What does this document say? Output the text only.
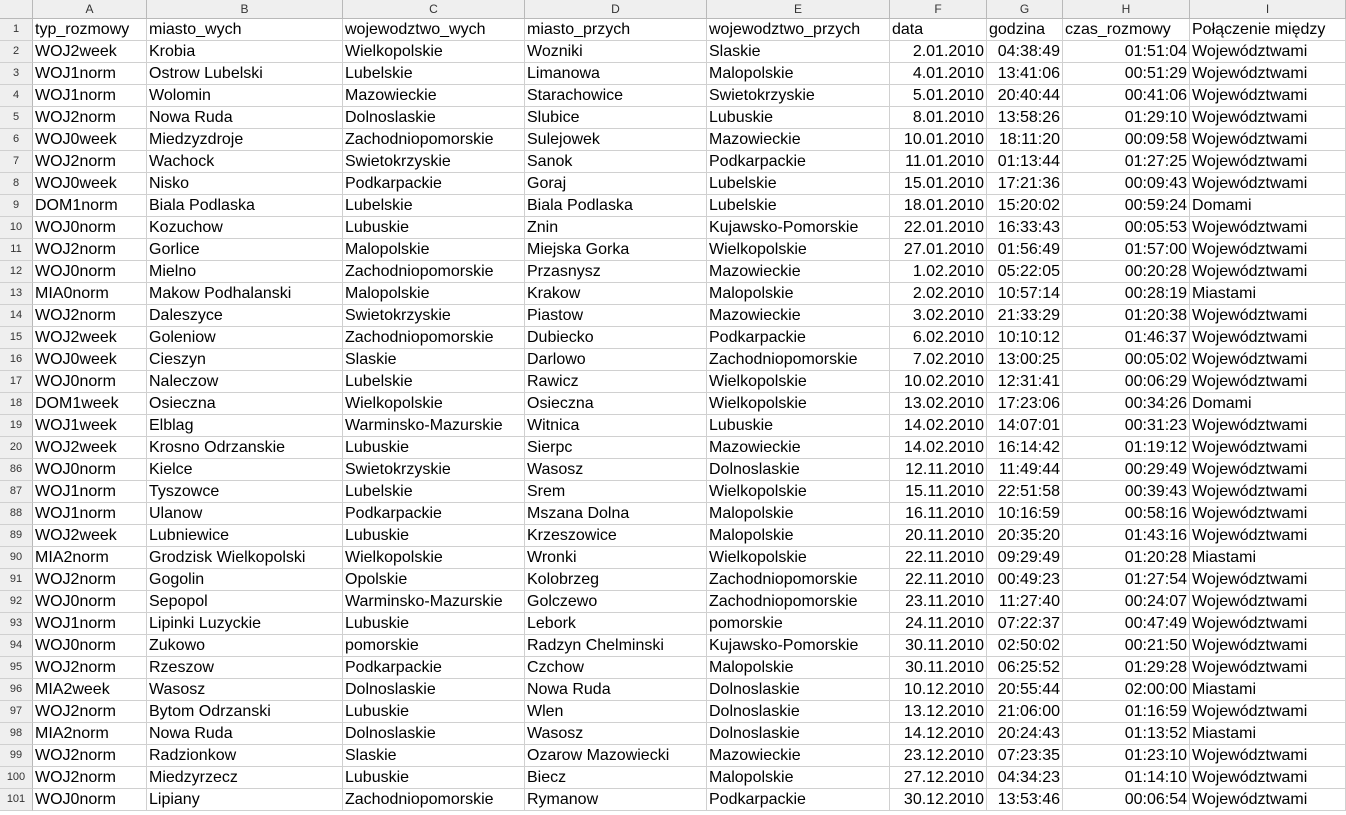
A	B	C	D	E	F	G	H	I
1 typ_rozmowy	miasto_wych	wojewodztwo_wych	miasto_przych	wojewodztwo_przych	data	godzina	czas_rozmowy	Połączenie między
2 WOJ2week	Krobia	Wielkopolskie	Wozniki	Slaskie	2.01.2010 04:38:49	01:51:04 Województwami
3 WOJ1norm	Ostrow Lubelski	Lubelskie	Limanowa	Malopolskie	4.01.2010 13:41:06	00:51:29 Województwami
4 WOJ1norm	Wolomin	Mazowieckie	Starachowice	Swietokrzyskie	5.01.2010 20:40:44	00:41:06 Województwami
5 WOJ2norm	Nowa Ruda	Dolnoslaskie	Slubice	Lubuskie	8.01.2010 13:58:26	01:29:10 Województwami
6 WOJ0week	Miedzyzdroje	Zachodniopomorskie	Sulejowek	Mazowieckie	10.01.2010 18:11:20	00:09:58 Województwami
7 WOJ2norm	Wachock	Swietokrzyskie	Sanok	Podkarpackie	11.01.2010 01:13:44	01:27:25 Województwami
8 WOJ0week	Nisko	Podkarpackie	Goraj	Lubelskie	15.01.2010 17:21:36	00:09:43 Województwami
9 DOM1norm	Biala Podlaska	Lubelskie	Biala Podlaska	Lubelskie	18.01.2010 15:20:02	00:59:24 Domami
10 WOJ0norm	Kozuchow	Lubuskie	Znin	Kujawsko-Pomorskie	22.01.2010 16:33:43	00:05:53 Województwami
11 WOJ2norm	Gorlice	Malopolskie	Miejska Gorka	Wielkopolskie	27.01.2010 01:56:49	01:57:00 Województwami
12 WOJ0norm	Mielno	Zachodniopomorskie	Przasnysz	Mazowieckie	1.02.2010 05:22:05	00:20:28 Województwami
13 MIA0norm	Makow Podhalanski	Malopolskie	Krakow	Malopolskie	2.02.2010 10:57:14	00:28:19 Miastami
14 WOJ2norm	Daleszyce	Swietokrzyskie	Piastow	Mazowieckie	3.02.2010 21:33:29	01:20:38 Województwami
15 WOJ2week	Goleniow	Zachodniopomorskie	Dubiecko	Podkarpackie	6.02.2010 10:10:12	01:46:37 Województwami
16 WOJ0week	Cieszyn	Slaskie	Darlowo	Zachodniopomorskie	7.02.2010 13:00:25	00:05:02 Województwami
17 WOJ0norm	Naleczow	Lubelskie	Rawicz	Wielkopolskie	10.02.2010 12:31:41	00:06:29 Województwami
18 DOM1week	Osieczna	Wielkopolskie	Osieczna	Wielkopolskie	13.02.2010 17:23:06	00:34:26 Domami
19 WOJ1week	Elblag	Warminsko-Mazurskie	Witnica	Lubuskie	14.02.2010 14:07:01	00:31:23 Województwami
20 WOJ2week	Krosno Odrzanskie	Lubuskie	Sierpc	Mazowieckie	14.02.2010 16:14:42	01:19:12 Województwami
86 WOJ0norm	Kielce	Swietokrzyskie	Wasosz	Dolnoslaskie	12.11.2010 11:49:44	00:29:49 Województwami
87 WOJ1norm	Tyszowce	Lubelskie	Srem	Wielkopolskie	15.11.2010 22:51:58	00:39:43 Województwami
88 WOJ1norm	Ulanow	Podkarpackie	Mszana Dolna	Malopolskie	16.11.2010 10:16:59	00:58:16 Województwami
89 WOJ2week	Lubniewice	Lubuskie	Krzeszowice	Malopolskie	20.11.2010 20:35:20	01:43:16 Województwami
90 MIA2norm	Grodzisk Wielkopolski	Wielkopolskie	Wronki	Wielkopolskie	22.11.2010 09:29:49	01:20:28 Miastami
91 WOJ2norm	Gogolin	Opolskie	Kolobrzeg	Zachodniopomorskie	22.11.2010 00:49:23	01:27:54 Województwami
92 WOJ0norm	Sepopol	Warminsko-Mazurskie	Golczewo	Zachodniopomorskie	23.11.2010 11:27:40	00:24:07 Województwami
93 WOJ1norm	Lipinki Luzyckie	Lubuskie	Lebork	pomorskie	24.11.2010 07:22:37	00:47:49 Województwami
94 WOJ0norm	Zukowo	pomorskie	Radzyn Chelminski	Kujawsko-Pomorskie	30.11.2010 02:50:02	00:21:50 Województwami
95 WOJ2norm	Rzeszow	Podkarpackie	Czchow	Malopolskie	30.11.2010 06:25:52	01:29:28 Województwami
96 MIA2week	Wasosz	Dolnoslaskie	Nowa Ruda	Dolnoslaskie	10.12.2010 20:55:44	02:00:00 Miastami
97 WOJ2norm	Bytom Odrzanski	Lubuskie	Wlen	Dolnoslaskie	13.12.2010 21:06:00	01:16:59 Województwami
98 MIA2norm	Nowa Ruda	Dolnoslaskie	Wasosz	Dolnoslaskie	14.12.2010 20:24:43	01:13:52 Miastami
99 WOJ2norm	Radzionkow	Slaskie	Ozarow Mazowiecki	Mazowieckie	23.12.2010 07:23:35	01:23:10 Województwami
100 WOJ2norm	Miedzyrzecz	Lubuskie	Biecz	Malopolskie	27.12.2010 04:34:23	01:14:10 Województwami
101 WOJ0norm	Lipiany	Zachodniopomorskie	Rymanow	Podkarpackie	30.12.2010 13:53:46	00:06:54 Województwami
